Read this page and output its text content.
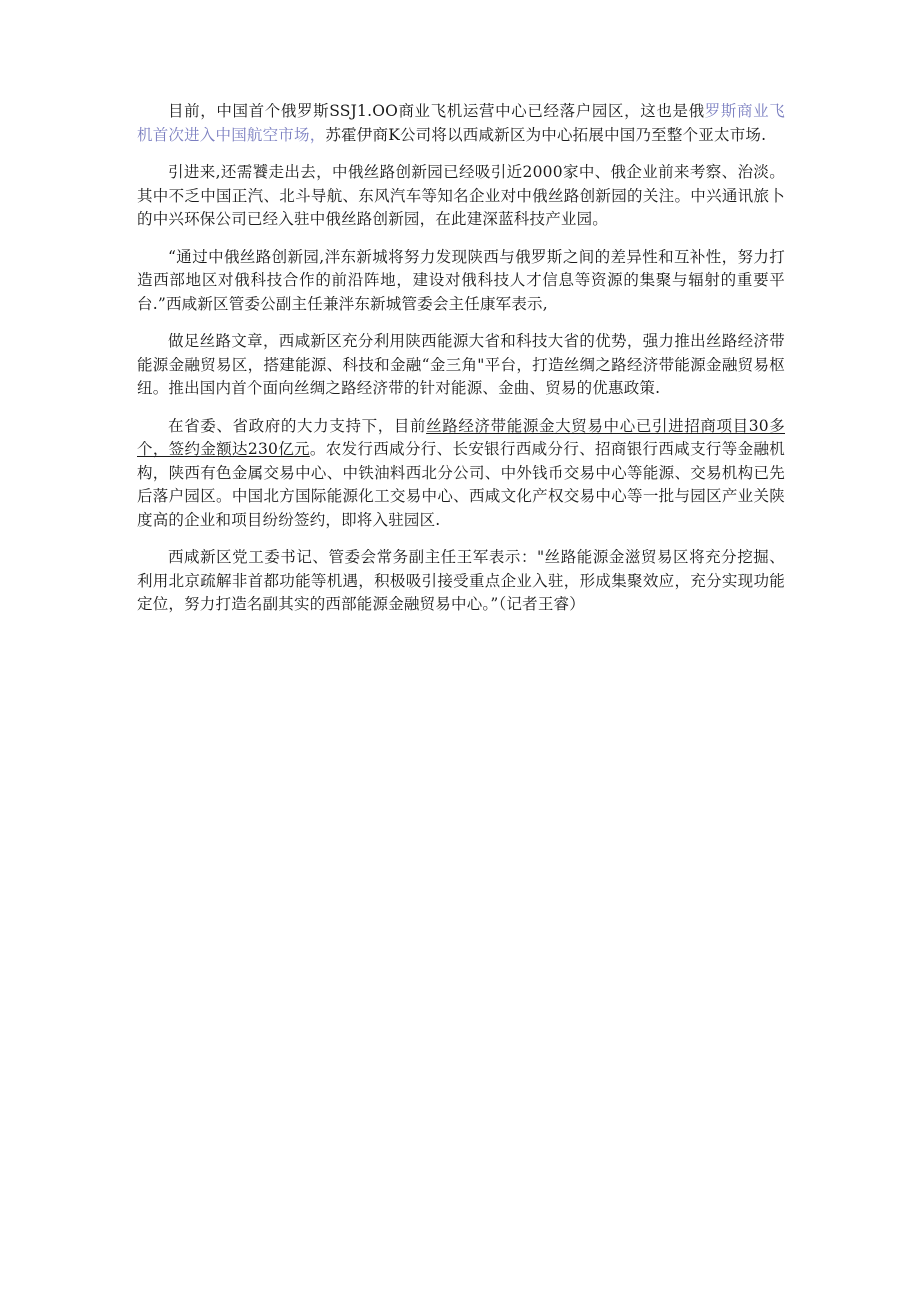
目前，中国首个俄罗斯SSJ1.OO商业飞机运营中心已经落户园区，这也是俄罗斯商业飞机首次进入中国航空市场，苏霍伊商K公司将以西咸新区为中心拓展中国乃至整个亚太市场.

引进来,还需饕走出去，中俄丝路创新园已经吸引近2000家中、俄企业前来考察、治淡。其中不乏中国正汽、北斗导航、东风汽车等知名企业对中俄丝路创新园的关注。中兴通讯旅卜的中兴环保公司已经入驻中俄丝路创新园，在此建深蓝科技产业园。

“通过中俄丝路创新园,泮东新城将努力发现陕西与俄罗斯之间的差异性和互补性，努力打造西部地区对俄科技合作的前沿阵地，建设对俄科技人才信息等资源的集聚与辐射的重要平台.”西咸新区管委公副主任兼泮东新城管委会主任康军表示,

做足丝路文章，西咸新区充分利用陕西能源大省和科技大省的优势，强力推出丝路经济带能源金融贸易区，搭建能源、科技和金融“金三角"平台，打造丝绸之路经济带能源金融贸易枢纽。推出国内首个面向丝绸之路经济带的针对能源、金曲、贸易的优惠政策.

在省委、省政府的大力支持下，目前丝路经济带能源金大贸易中心已引进招商项目30多个，签约金额达230亿元。农发行西咸分行、长安银行西咸分行、招商银行西咸支行等金融机构，陕西有色金属交易中心、中铁油料西北分公司、中外钱币交易中心等能源、交易机构已先后落户园区。中国北方国际能源化工交易中心、西咸文化产权交易中心等一批与园区产业关陕度高的企业和项目纷纷签约，即将入驻园区.

西咸新区党工委书记、管委会常务副主任王军表示："丝路能源金滋贸易区将充分挖掘、利用北京疏解非首都功能等机遇，积极吸引接受重点企业入驻，形成集聚效应，充分实现功能定位，努力打造名副其实的西部能源金融贸易中心。”（记者王睿）
